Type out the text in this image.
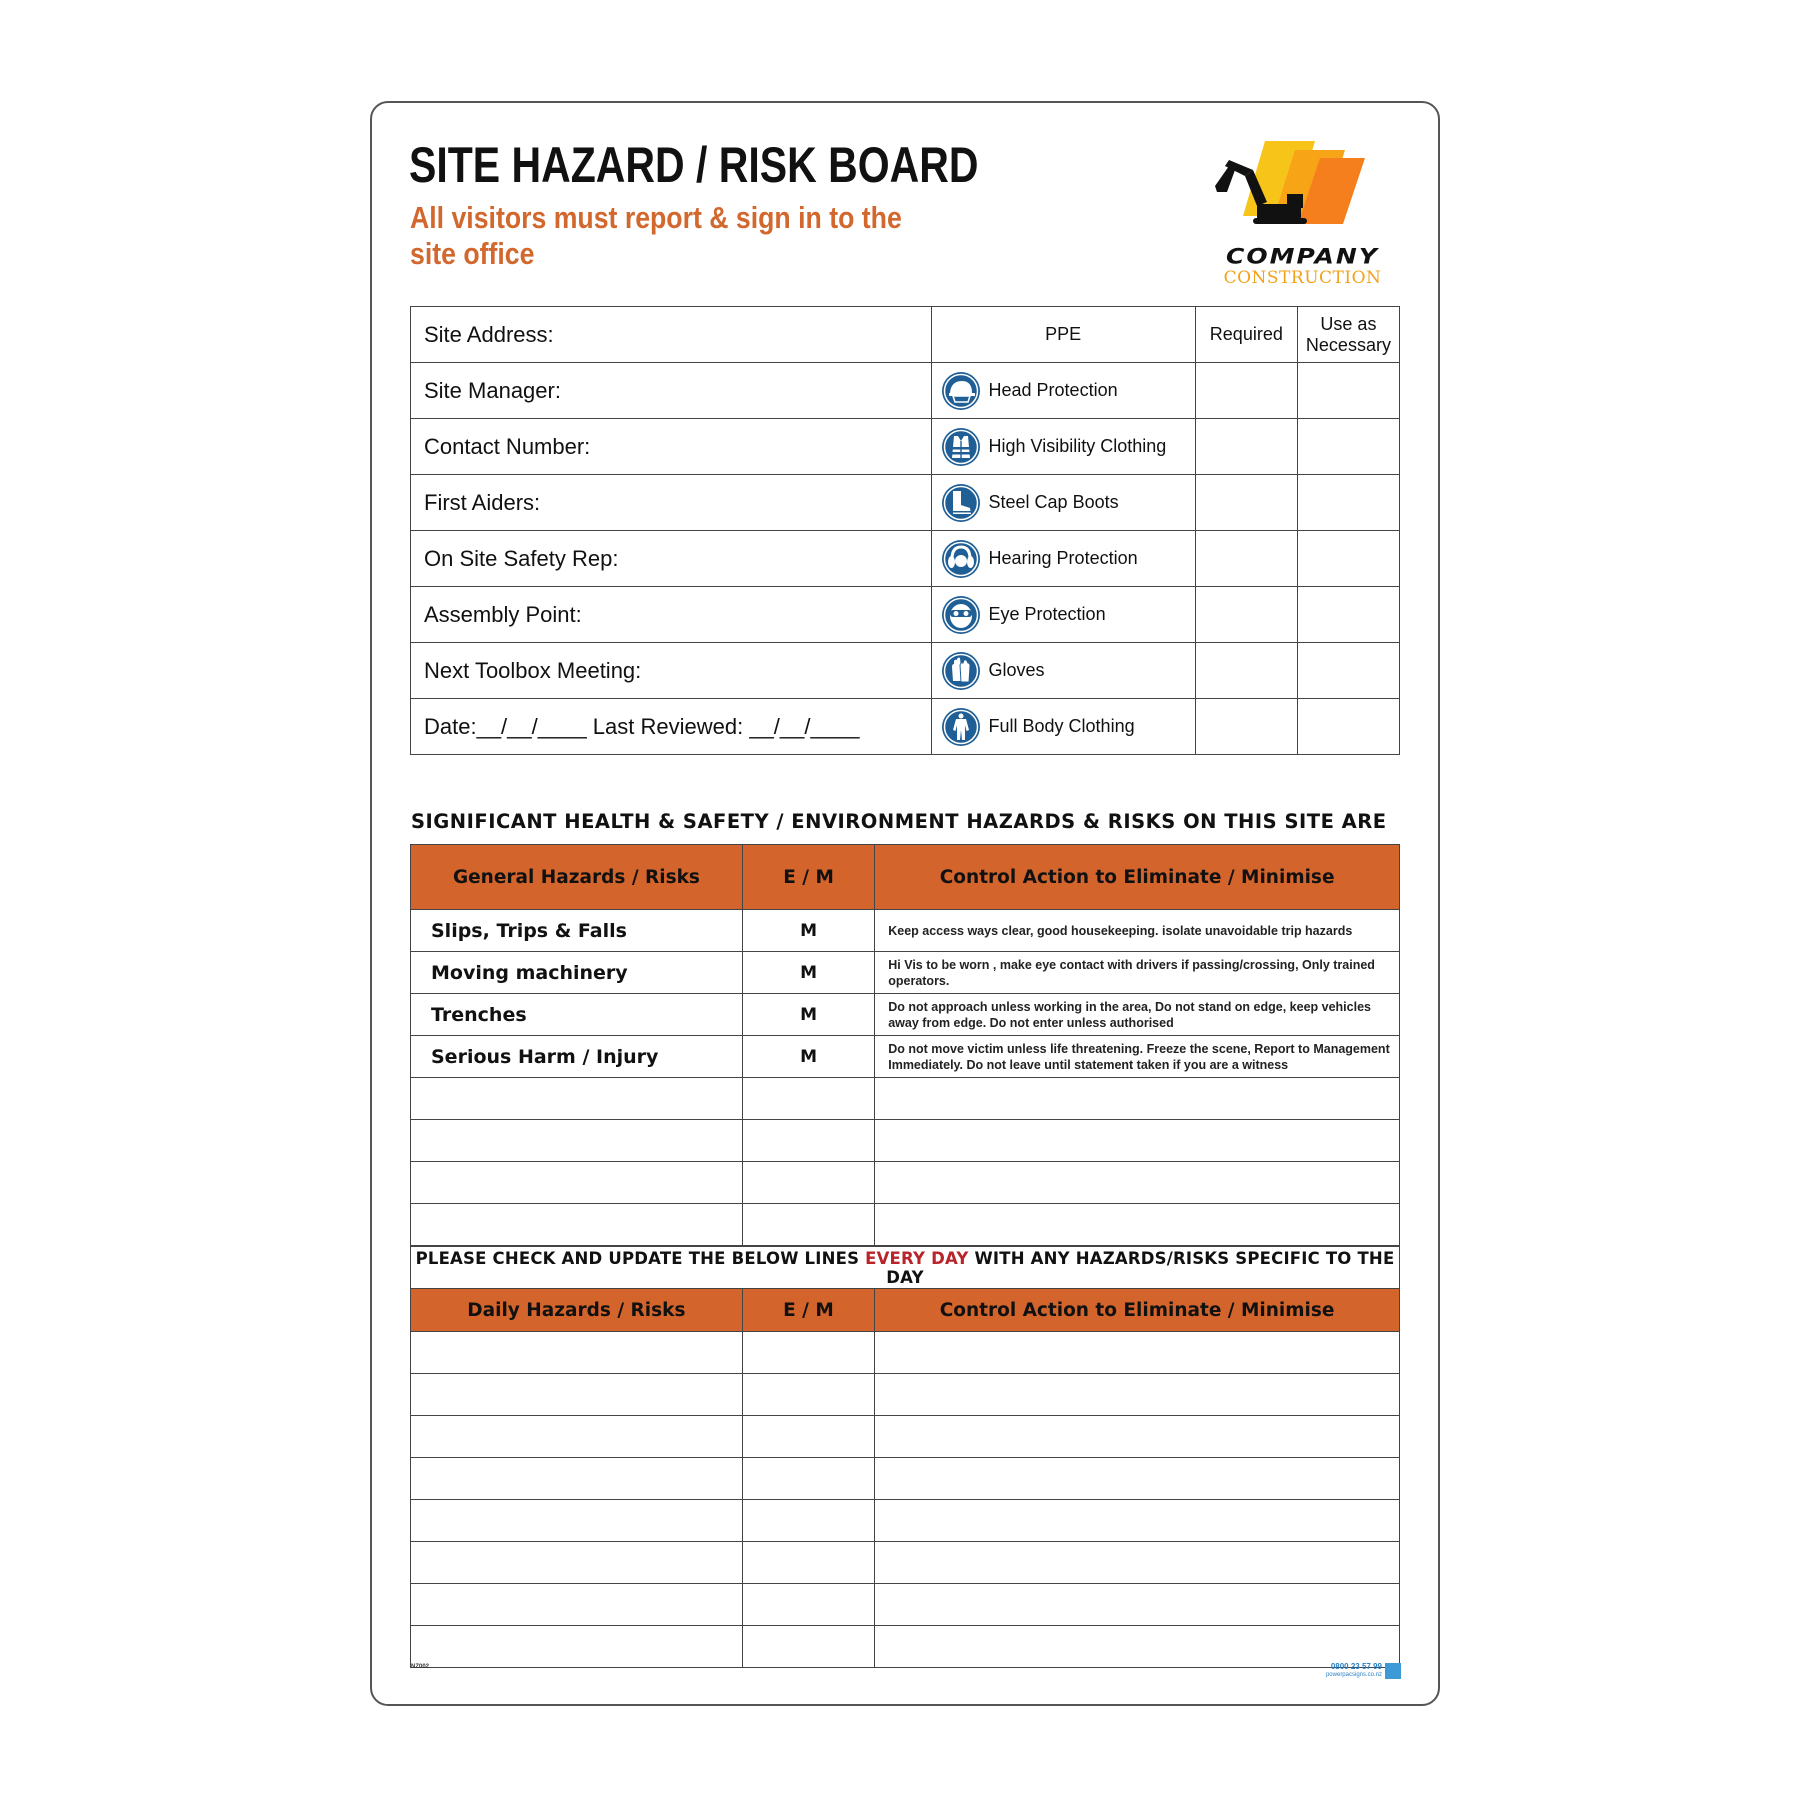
SITE HAZARD / RISK BOARD

All visitors must report & sign in to the site office	COMPANY
CONSTRUCTION
Site Address:	PPE	Required	Use as Necessary
Site Manager:	Head Protection		

Contact Number:	High Visibility Clothing		

First Aiders:	Steel Cap Boots		

On Site Safety Rep:	Hearing Protection		

Assembly Point:	Eye Protection		

Next Toolbox Meeting:	Gloves		

Date:__/__/____ Last Reviewed: __/__/____	Full Body Clothing		

SIGNIFICANT HEALTH & SAFETY / ENVIRONMENT HAZARDS & RISKS ON THIS SITE ARE
General Hazards / Risks	E / M	Control Action to Eliminate / Minimise
Slips, Trips & Falls	M	Keep access ways clear, good housekeeping. isolate unavoidable trip hazards
Moving machinery	M	Hi Vis to be worn , make eye contact with drivers if passing/crossing, Only trained operators.
Trenches	M	Do not approach unless working in the area, Do not stand on edge, keep vehicles away from edge. Do not enter unless authorised
Serious Harm / Injury	M	Do not move victim unless life threatening. Freeze the scene, Report to Management Immediately. Do not leave until statement taken if you are a witness

PLEASE CHECK AND UPDATE THE BELOW LINES EVERY DAY WITH ANY HAZARDS/RISKS SPECIFIC TO THE DAY		
Daily Hazards / Risks	E / M	Control Action to Eliminate / Minimise

NZ002	0800 23 57 99
powerpacsigns.co.nz
